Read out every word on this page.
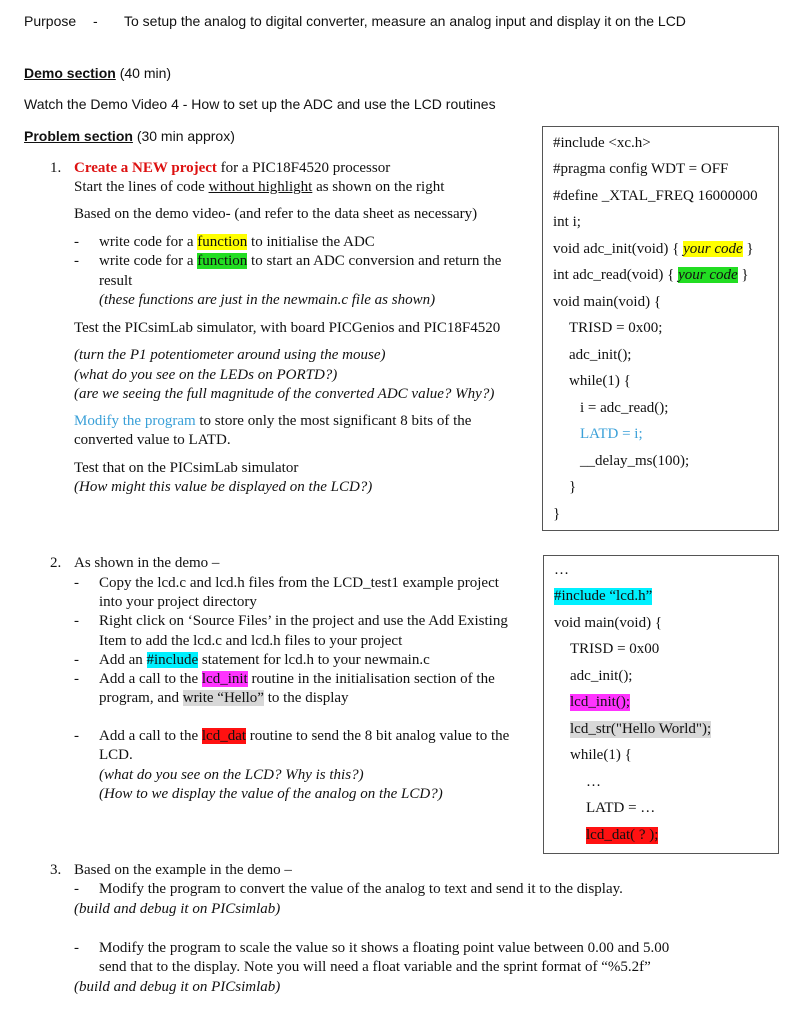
Purpose - To setup the analog to digital converter, measure an analog input and display it on the LCD
Demo section (40 min)
Watch the Demo Video 4 - How to set up the ADC and use the LCD routines
Problem section (30 min approx)
1. Create a NEW project for a PIC18F4520 processor
Start the lines of code without highlight as shown on the right
Based on the demo video- (and refer to the data sheet as necessary)
- write code for a function to initialise the ADC
- write code for a function to start an ADC conversion and return the
result
(these functions are just in the newmain.c file as shown)
Test the PICsimLab simulator, with board PICGenios and PIC18F4520
(turn the P1 potentiometer around using the mouse)
(what do you see on the LEDs on PORTD?)
(are we seeing the full magnitude of the converted ADC value? Why?)
Modify the program to store only the most significant 8 bits of the
converted value to LATD.
Test that on the PICsimLab simulator
(How might this value be displayed on the LCD?)
#include <xc.h>
#pragma config WDT = OFF
#define _XTAL_FREQ 16000000
int i;
void adc_init(void) { your code }
int adc_read(void) { your code }
void main(void) {
TRISD = 0x00;
adc_init();
while(1) {
i = adc_read();
LATD = i;
__delay_ms(100);
}
}
2. As shown in the demo –
- Copy the lcd.c and lcd.h files from the LCD_test1 example project
into your project directory
- Right click on ‘Source Files’ in the project and use the Add Existing
Item to add the lcd.c and lcd.h files to your project
- Add an #include statement for lcd.h to your newmain.c
- Add a call to the lcd_init routine in the initialisation section of the
program, and write “Hello” to the display
- Add a call to the lcd_dat routine to send the 8 bit analog value to the
LCD.
(what do you see on the LCD? Why is this?)
(How to we display the value of the analog on the LCD?)
…
#include “lcd.h”
void main(void) {
TRISD = 0x00
adc_init();
lcd_init();
lcd_str("Hello World");
while(1) {
…
LATD = …
lcd_dat( ? );
3. Based on the example in the demo –
- Modify the program to convert the value of the analog to text and send it to the display.
(build and debug it on PICsimlab)
- Modify the program to scale the value so it shows a floating point value between 0.00 and 5.00
send that to the display. Note you will need a float variable and the sprint format of “%5.2f”
(build and debug it on PICsimlab)
